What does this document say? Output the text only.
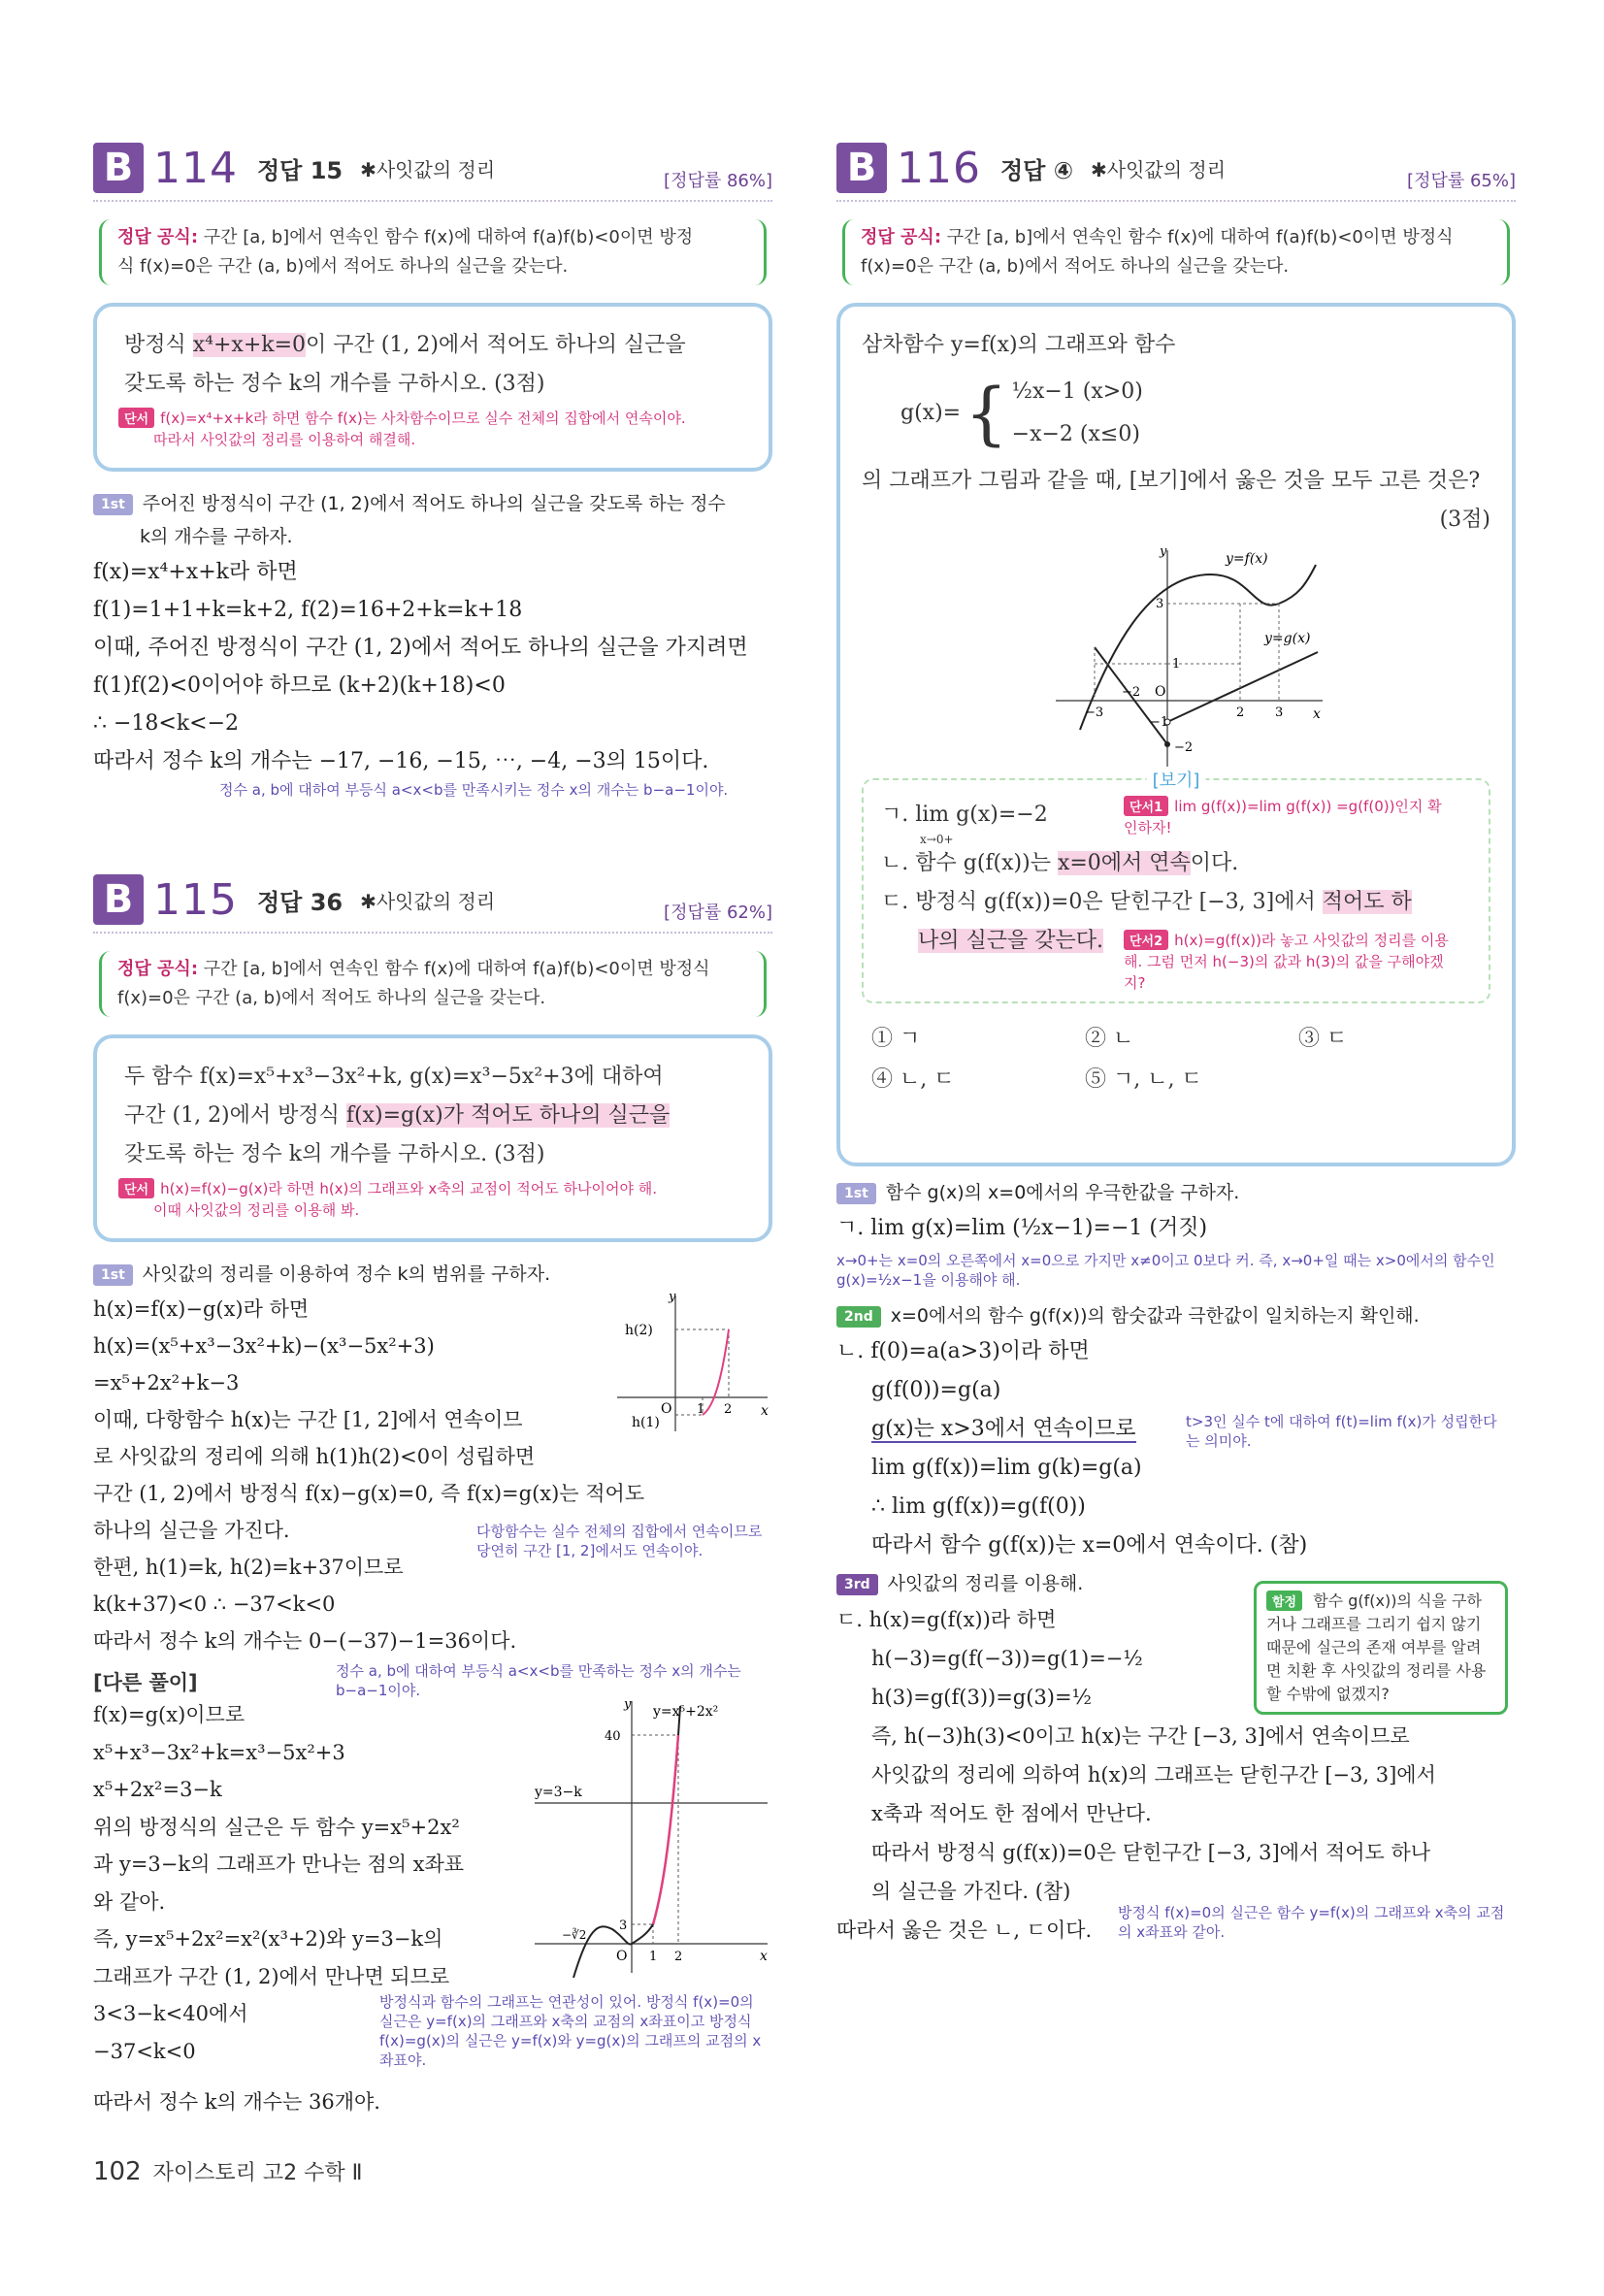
B 114 정답 15 ✱사잇값의 정리	[정답률 86%]
정답 공식: 구간 [a, b]에서 연속인 함수 f(x)에 대하여 f(a)f(b)<0이면 방정
식 f(x)=0은 구간 (a, b)에서 적어도 하나의 실근을 갖는다.
방정식 x⁴+x+k=0이 구간 (1, 2)에서 적어도 하나의 실근을
갖도록 하는 정수 k의 개수를 구하시오. (3점)
단서 f(x)=x⁴+x+k라 하면 함수 f(x)는 사차함수이므로 실수 전체의 집합에서 연속이야.
따라서 사잇값의 정리를 이용하여 해결해.
1st 주어진 방정식이 구간 (1, 2)에서 적어도 하나의 실근을 갖도록 하는 정수
k의 개수를 구하자.
f(x)=x⁴+x+k라 하면
f(1)=1+1+k=k+2, f(2)=16+2+k=k+18
이때, 주어진 방정식이 구간 (1, 2)에서 적어도 하나의 실근을 가지려면
f(1)f(2)<0이어야 하므로 (k+2)(k+18)<0
∴ −18<k<−2
따라서 정수 k의 개수는 −17, −16, −15, ⋯, −4, −3의 15이다.
정수 a, b에 대하여 부등식 a<x<b를 만족시키는 정수 x의 개수는 b−a−1이야.
B 115 정답 36 ✱사잇값의 정리	[정답률 62%]
정답 공식: 구간 [a, b]에서 연속인 함수 f(x)에 대하여 f(a)f(b)<0이면 방정식
f(x)=0은 구간 (a, b)에서 적어도 하나의 실근을 갖는다.
두 함수 f(x)=x⁵+x³−3x²+k, g(x)=x³−5x²+3에 대하여
구간 (1, 2)에서 방정식 f(x)=g(x)가 적어도 하나의 실근을
갖도록 하는 정수 k의 개수를 구하시오. (3점)
단서 h(x)=f(x)−g(x)라 하면 h(x)의 그래프와 x축의 교점이 적어도 하나이어야 해.
이때 사잇값의 정리를 이용해 봐.
1st 사잇값의 정리를 이용하여 정수 k의 범위를 구하자.
h(x)=f(x)−g(x)라 하면
h(x)=(x⁵+x³−3x²+k)−(x³−5x²+3)
=x⁵+2x²+k−3
이때, 다항함수 h(x)는 구간 [1, 2]에서 연속이므
로 사잇값의 정리에 의해 h(1)h(2)<0이 성립하면
구간 (1, 2)에서 방정식 f(x)−g(x)=0, 즉 f(x)=g(x)는 적어도
하나의 실근을 가진다.
한편, h(1)=k, h(2)=k+37이므로
k(k+37)<0 ∴ −37<k<0
따라서 정수 k의 개수는 0−(−37)−1=36이다.
다항함수는 실수 전체의 집합에서 연속이므로 당연히 구간 [1, 2]에서도 연속이야.
정수 a, b에 대하여 부등식 a<x<b를 만족하는 정수 x의 개수는 b−a−1이야.
y
x
h(2)
h(1)
O 1 2
[다른 풀이]
f(x)=g(x)이므로
x⁵+x³−3x²+k=x³−5x²+3
x⁵+2x²=3−k
위의 방정식의 실근은 두 함수 y=x⁵+2x²
과 y=3−k의 그래프가 만나는 점의 x좌표
와 같아.
즉, y=x⁵+2x²=x²(x³+2)와 y=3−k의
그래프가 구간 (1, 2)에서 만나면 되므로
3<3−k<40에서
−37<k<0
따라서 정수 k의 개수는 36개야.
방정식과 함수의 그래프는 연관성이 있어. 방정식 f(x)=0의 실근은 y=f(x)의 그래프와 x축의 교점의 x좌표이고 방정식 f(x)=g(x)의 실근은 y=f(x)와 y=g(x)의 그래프의 교점의 x좌표야.
y
x
y=x⁵+2x²
y=3−k
40
3
−∛2
O 1 2
B 116 정답 ④ ✱사잇값의 정리	[정답률 65%]
정답 공식: 구간 [a, b]에서 연속인 함수 f(x)에 대하여 f(a)f(b)<0이면 방정식
f(x)=0은 구간 (a, b)에서 적어도 하나의 실근을 갖는다.
삼차함수 y=f(x)의 그래프와 함수
g(x)= { ½x−1 (x>0)
−x−2 (x≤0)
의 그래프가 그림과 같을 때, [보기]에서 옳은 것을 모두 고른 것은?
(3점)
y=f(x)
y=g(x)
y
x
O
3
1
−1
−2
−3
−2
2 3
[보기]
ㄱ. lim g(x)=−2	단서1 lim g(f(x))=lim g(f(x)) =g(f(0))인지 확인하자!
x→0+
ㄴ. 함수 g(f(x))는 x=0에서 연속이다.
ㄷ. 방정식 g(f(x))=0은 닫힌구간 [−3, 3]에서 적어도 하
나의 실근을 갖는다.	단서2 h(x)=g(f(x))라 놓고 사잇값의 정리를 이용해. 그럼 먼저 h(−3)의 값과 h(3)의 값을 구해야겠지?
① ㄱ	② ㄴ	③ ㄷ
④ ㄴ, ㄷ	⑤ ㄱ, ㄴ, ㄷ
1st 함수 g(x)의 x=0에서의 우극한값을 구하자.
ㄱ. lim g(x)=lim (½x−1)=−1 (거짓)
x→0+는 x=0의 오른쪽에서 x=0으로 가지만 x≠0이고 0보다 커. 즉, x→0+일 때는 x>0에서의 함수인 g(x)=½x−1을 이용해야 해.
2nd x=0에서의 함수 g(f(x))의 함숫값과 극한값이 일치하는지 확인해.
ㄴ. f(0)=a(a>3)이라 하면
g(f(0))=g(a)
g(x)는 x>3에서 연속이므로
lim g(f(x))=lim g(k)=g(a)
∴ lim g(f(x))=g(f(0))
따라서 함수 g(f(x))는 x=0에서 연속이다. (참)
t>3인 실수 t에 대하여 f(t)=lim f(x)가 성립한다는 의미야.
3rd 사잇값의 정리를 이용해.
ㄷ. h(x)=g(f(x))라 하면
h(−3)=g(f(−3))=g(1)=−½
h(3)=g(f(3))=g(3)=½
즉, h(−3)h(3)<0이고 h(x)는 구간 [−3, 3]에서 연속이므로
사잇값의 정리에 의하여 h(x)의 그래프는 닫힌구간 [−3, 3]에서
x축과 적어도 한 점에서 만난다.
따라서 방정식 g(f(x))=0은 닫힌구간 [−3, 3]에서 적어도 하나
의 실근을 가진다. (참)
따라서 옳은 것은 ㄴ, ㄷ이다.
방정식 f(x)=0의 실근은 함수 y=f(x)의 그래프와 x축의 교점의 x좌표와 같아.
함정 함수 g(f(x))의 식을 구하거나 그래프를 그리기 쉽지 않기 때문에 실근의 존재 여부를 알려면 치환 후 사잇값의 정리를 사용할 수밖에 없겠지?
102 자이스토리 고2 수학 Ⅱ
